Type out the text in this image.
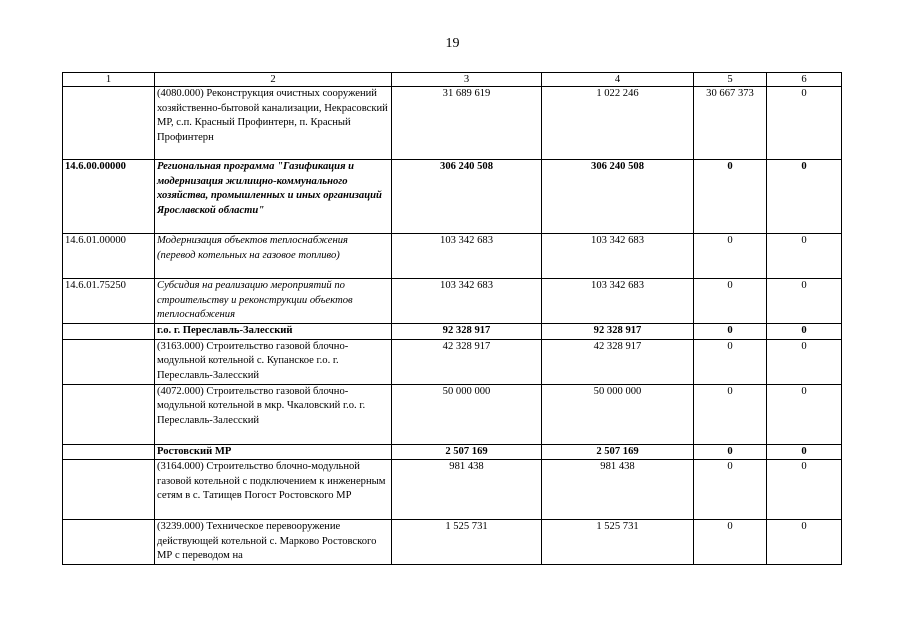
19
1	2	3	4	5	6
	(4080.000) Реконструкция очистных сооружений хозяйственно-бытовой канализации, Некрасовский МР, с.п. Красный Профинтерн, п. Красный Профинтерн	31 689 619	1 022 246	30 667 373	0
14.6.00.00000	Региональная программа "Газификация и модернизация жилищно-коммунального хозяйства, промышленных и иных организаций Ярославской области"	306 240 508	306 240 508	0	0
14.6.01.00000	Модернизация объектов теплоснабжения (перевод котельных на газовое топливо)	103 342 683	103 342 683	0	0
14.6.01.75250	Субсидия на реализацию мероприятий по строительству и реконструкции объектов теплоснабжения	103 342 683	103 342 683	0	0
	г.о. г. Переславль-Залесский	92 328 917	92 328 917	0	0
	(3163.000) Строительство газовой блочно-модульной котельной с. Купанское г.о. г. Переславль-Залесский	42 328 917	42 328 917	0	0
	(4072.000) Строительство газовой блочно-модульной котельной в мкр. Чкаловский г.о. г. Переславль-Залесский	50 000 000	50 000 000	0	0
	Ростовский МР	2 507 169	2 507 169	0	0
	(3164.000) Строительство блочно-модульной газовой котельной с подключением к инженерным сетям в с. Татищев Погост Ростовского МР	981 438	981 438	0	0
	(3239.000) Техническое перевооружение действующей котельной с. Марково Ростовского МР с переводом на	1 525 731	1 525 731	0	0
